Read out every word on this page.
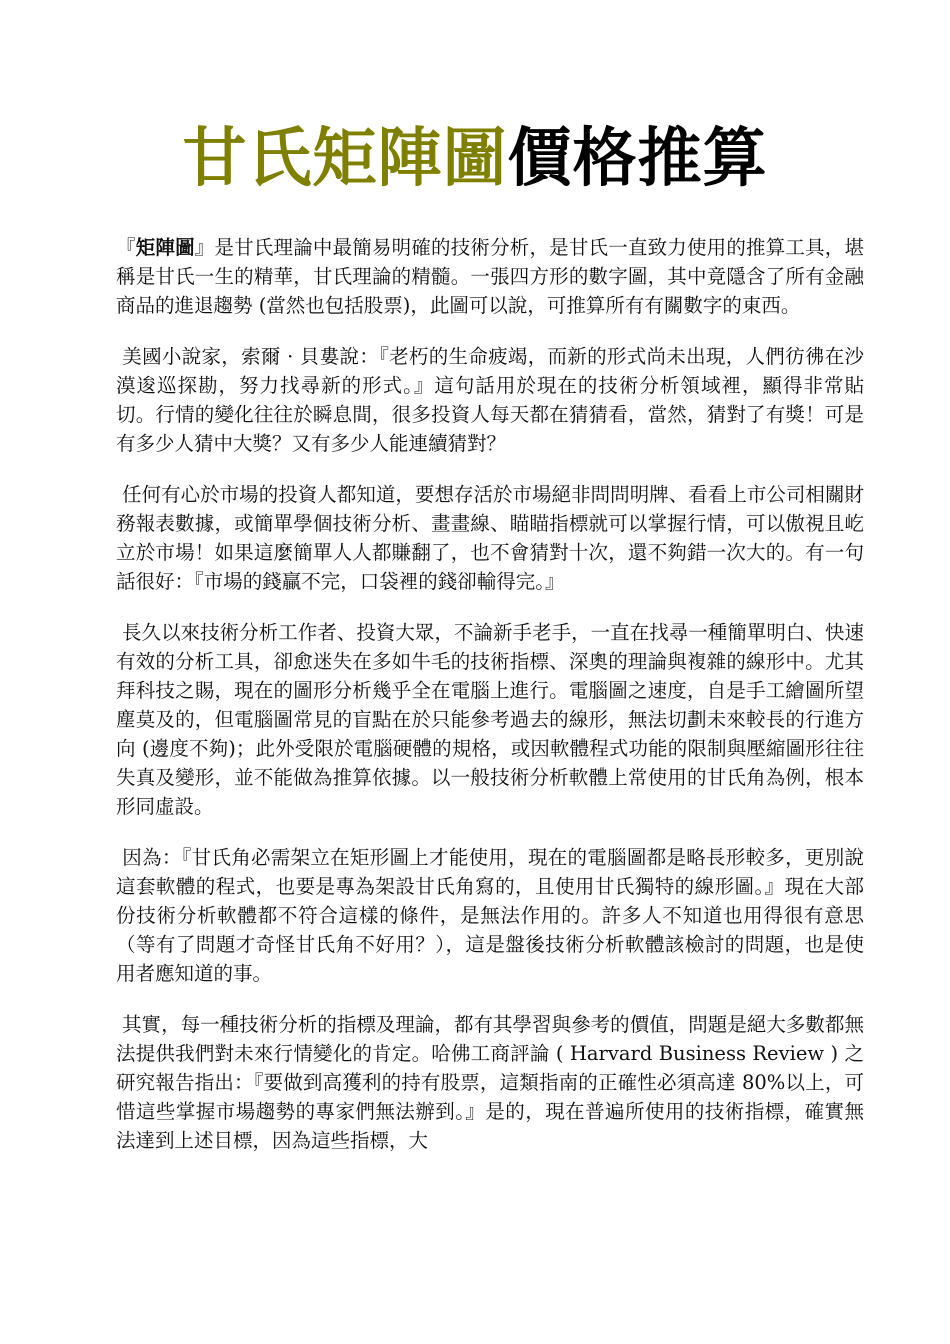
甘氏矩陣圖價格推算

『矩陣圖』是甘氏理論中最簡易明確的技術分析，是甘氏一直致力使用的推算工具，堪稱是甘氏一生的精華，甘氏理論的精髓。一張四方形的數字圖，其中竟隱含了所有金融商品的進退趨勢 (當然也包括股票)，此圖可以說，可推算所有有關數字的東西。

美國小說家，索爾 · 貝婁說：『老朽的生命疲竭，而新的形式尚未出現，人們彷彿在沙漠逡巡探勘，努力找尋新的形式。』這句話用於現在的技術分析領域裡，顯得非常貼切。行情的變化往往於瞬息間，很多投資人每天都在猜猜看，當然，猜對了有獎！可是有多少人猜中大獎？又有多少人能連續猜對？

任何有心於市場的投資人都知道，要想存活於市場絕非問問明牌、看看上市公司相關財務報表數據，或簡單學個技術分析、畫畫線、瞄瞄指標就可以掌握行情，可以傲視且屹立於市場！如果這麼簡單人人都賺翻了，也不會猜對十次，還不夠錯一次大的。有一句話很好：『市場的錢贏不完，口袋裡的錢卻輸得完。』

長久以來技術分析工作者、投資大眾，不論新手老手，一直在找尋一種簡單明白、快速有效的分析工具，卻愈迷失在多如牛毛的技術指標、深奧的理論與複雜的線形中。尤其拜科技之賜，現在的圖形分析幾乎全在電腦上進行。電腦圖之速度，自是手工繪圖所望塵莫及的，但電腦圖常見的盲點在於只能參考過去的線形，無法切劃未來較長的行進方向 (邊度不夠)；此外受限於電腦硬體的規格，或因軟體程式功能的限制與壓縮圖形往往失真及變形，並不能做為推算依據。以一般技術分析軟體上常使用的甘氏角為例，根本形同虛設。

因為：『甘氏角必需架立在矩形圖上才能使用，現在的電腦圖都是略長形較多，更別說這套軟體的程式，也要是專為架設甘氏角寫的，且使用甘氏獨特的線形圖。』現在大部份技術分析軟體都不符合這樣的條件，是無法作用的。許多人不知道也用得很有意思（等有了問題才奇怪甘氏角不好用？），這是盤後技術分析軟體該檢討的問題，也是使用者應知道的事。

其實，每一種技術分析的指標及理論，都有其學習與參考的價值，問題是絕大多數都無法提供我們對未來行情變化的肯定。哈佛工商評論 ( Harvard Business Review ) 之研究報告指出：『要做到高獲利的持有股票，這類指南的正確性必須高達 80%以上，可惜這些掌握市場趨勢的專家們無法辦到。』是的，現在普遍所使用的技術指標，確實無法達到上述目標，因為這些指標，大
